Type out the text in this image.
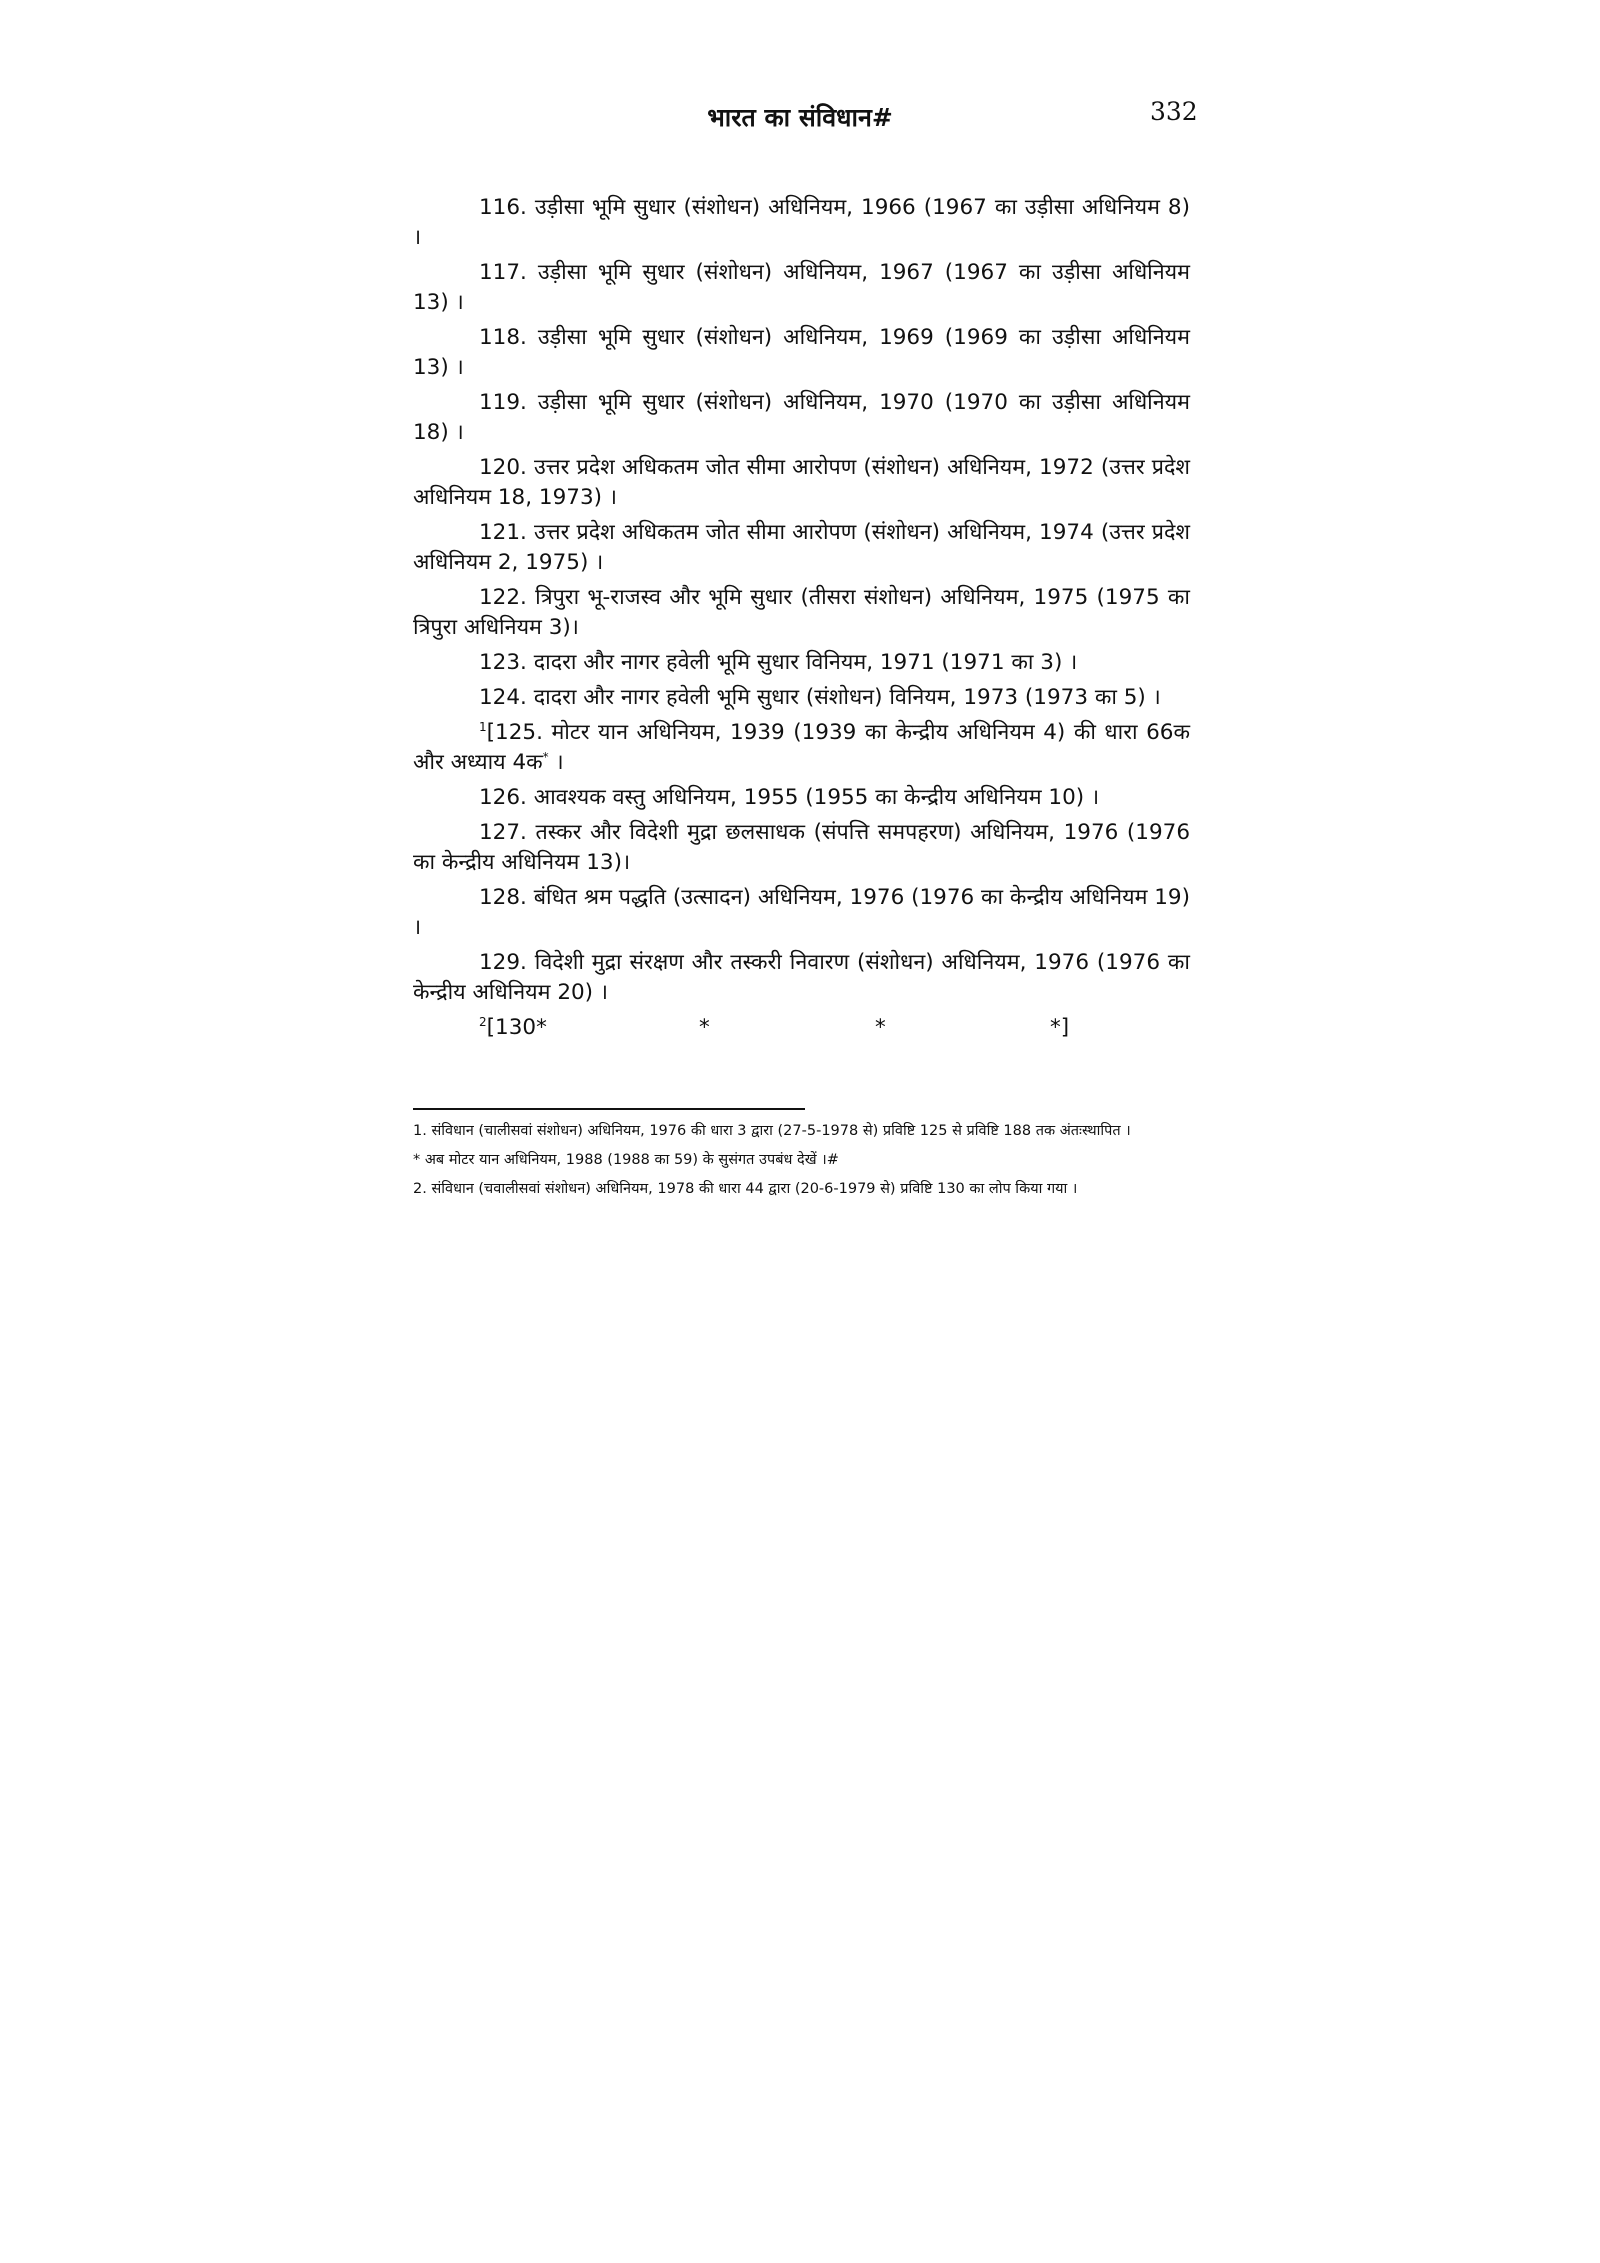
भारत का संविधान#	332

116. उड़ीसा भूमि सुधार (संशोधन) अधिनियम, 1966 (1967 का उड़ीसा अधिनियम 8) ।

117. उड़ीसा भूमि सुधार (संशोधन) अधिनियम, 1967 (1967 का उड़ीसा अधिनियम 13) ।

118. उड़ीसा भूमि सुधार (संशोधन) अधिनियम, 1969 (1969 का उड़ीसा अधिनियम 13) ।

119. उड़ीसा भूमि सुधार (संशोधन) अधिनियम, 1970 (1970 का उड़ीसा अधिनियम 18) ।

120. उत्तर प्रदेश अधिकतम जोत सीमा आरोपण (संशोधन) अधिनियम, 1972 (उत्तर प्रदेश अधिनियम 18, 1973) ।

121. उत्तर प्रदेश अधिकतम जोत सीमा आरोपण (संशोधन) अधिनियम, 1974 (उत्तर प्रदेश अधिनियम 2, 1975) ।

122. त्रिपुरा भू-राजस्व और भूमि सुधार (तीसरा संशोधन) अधिनियम, 1975 (1975 का त्रिपुरा अधिनियम 3)।

123. दादरा और नागर हवेली भूमि सुधार विनियम, 1971 (1971 का 3) ।

124. दादरा और नागर हवेली भूमि सुधार (संशोधन) विनियम, 1973 (1973 का 5) ।

$^1$[125. मोटर यान अधिनियम, 1939 (1939 का केन्द्रीय अधिनियम 4) की धारा 66क और अध्याय 4क* ।

126. आवश्यक वस्तु अधिनियम, 1955 (1955 का केन्द्रीय अधिनियम 10) ।

127. तस्कर और विदेशी मुद्रा छलसाधक (संपत्ति समपहरण) अधिनियम, 1976 (1976 का केन्द्रीय अधिनियम 13)।

128. बंधित श्रम पद्धति (उत्सादन) अधिनियम, 1976 (1976 का केन्द्रीय अधिनियम 19) ।

129. विदेशी मुद्रा संरक्षण और तस्करी निवारण (संशोधन) अधिनियम, 1976 (1976 का केन्द्रीय अधिनियम 20) ।

$^2$ [130*	*	*	*]

1. संविधान (चालीसवां संशोधन) अधिनियम, 1976 की धारा 3 द्वारा (27-5-1978 से) प्रविष्टि 125 से प्रविष्टि 188 तक अंतःस्थापित ।

* अब मोटर यान अधिनियम, 1988 (1988 का 59) के सुसंगत उपबंध देखें ।#

2. संविधान (चवालीसवां संशोधन) अधिनियम, 1978 की धारा 44 द्वारा (20-6-1979 से) प्रविष्टि 130 का लोप किया गया ।
